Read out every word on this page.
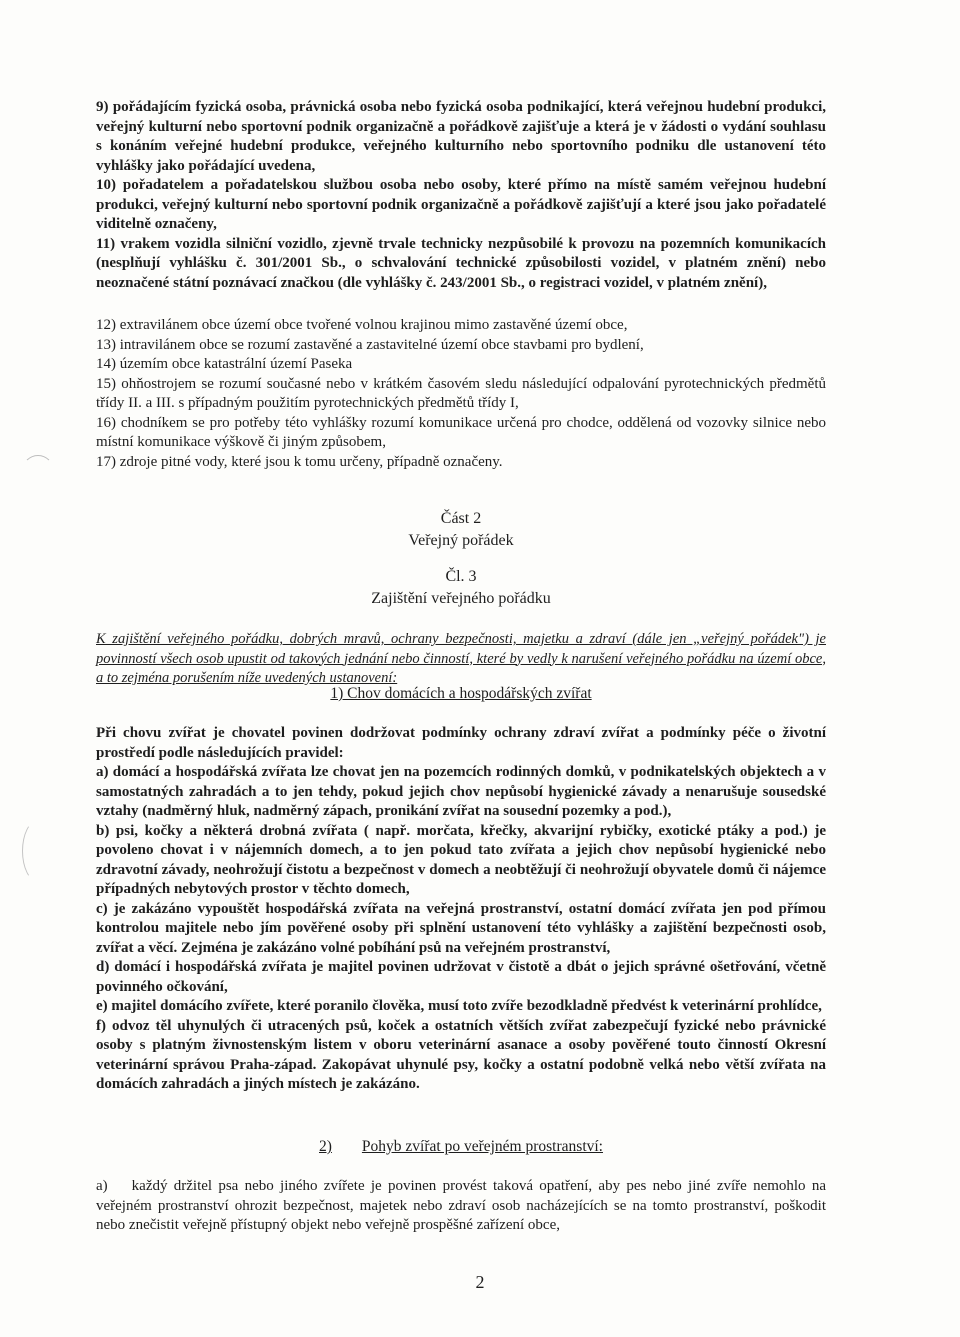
9) pořádajícím fyzická osoba, právnická osoba nebo fyzická osoba podnikající, která veřejnou hudební produkci, veřejný kulturní nebo sportovní podnik organizačně a pořádkově zajišťuje a která je v žádosti o vydání souhlasu s konáním veřejné hudební produkce, veřejného kulturního nebo sportovního podniku dle ustanovení této vyhlášky jako pořádající uvedena,

10) pořadatelem a pořadatelskou službou osoba nebo osoby, které přímo na místě samém veřejnou hudební produkci, veřejný kulturní nebo sportovní podnik organizačně a pořádkově zajišťují a které jsou jako pořadatelé viditelně označeny,

11) vrakem vozidla silniční vozidlo, zjevně trvale technicky nezpůsobilé k provozu na pozemních komunikacích (nesplňují vyhlášku č. 301/2001 Sb., o schvalování technické způsobilosti vozidel, v platném znění) nebo neoznačené státní poznávací značkou (dle vyhlášky č. 243/2001 Sb., o registraci vozidel, v platném znění),

12) extravilánem obce území obce tvořené volnou krajinou mimo zastavěné území obce,

13) intravilánem obce se rozumí zastavěné a zastavitelné území obce stavbami pro bydlení,

14) územím obce katastrální území Paseka

15) ohňostrojem se rozumí současné nebo v krátkém časovém sledu následující odpalování pyrotechnických předmětů třídy II. a III. s případným použitím pyrotechnických předmětů třídy I,

16) chodníkem se pro potřeby této vyhlášky rozumí komunikace určená pro chodce, oddělená od vozovky silnice nebo místní komunikace výškově či jiným způsobem,

17) zdroje pitné vody, které jsou k tomu určeny, případně označeny.

Část 2
Veřejný pořádek
Čl. 3
Zajištění veřejného pořádku

K zajištění veřejného pořádku, dobrých mravů, ochrany bezpečnosti, majetku a zdraví (dále jen „veřejný pořádek") je povinností všech osob upustit od takových jednání nebo činností, které by vedly k narušení veřejného pořádku na území obce, a to zejména porušením níže uvedených ustanovení:

1) Chov domácích a hospodářských zvířat

Při chovu zvířat je chovatel povinen dodržovat podmínky ochrany zdraví zvířat a podmínky péče o životní prostředí podle následujících pravidel:

a) domácí a hospodářská zvířata lze chovat jen na pozemcích rodinných domků, v podnikatelských objektech a v samostatných zahradách a to jen tehdy, pokud jejich chov nepůsobí hygienické závady a nenarušuje sousedské vztahy (nadměrný hluk, nadměrný zápach, pronikání zvířat na sousední pozemky a pod.),

b) psi, kočky a některá drobná zvířata ( např. morčata, křečky, akvarijní rybičky, exotické ptáky a pod.) je povoleno chovat i v nájemních domech, a to jen pokud tato zvířata a jejich chov nepůsobí hygienické nebo zdravotní závady, neohrožují čistotu a bezpečnost v domech a neobtěžují či neohrožují obyvatele domů či nájemce případných nebytových prostor v těchto domech,

c) je zakázáno vypouštět hospodářská zvířata na veřejná prostranství, ostatní domácí zvířata jen pod přímou kontrolou majitele nebo jím pověřené osoby při splnění ustanovení této vyhlášky a zajištění bezpečnosti osob, zvířat a věcí. Zejména je zakázáno volné pobíhání psů na veřejném prostranství,

d) domácí i hospodářská zvířata je majitel povinen udržovat v čistotě a dbát o jejich správné ošetřování, včetně povinného očkování,

e) majitel domácího zvířete, které poranilo člověka, musí toto zvíře bezodkladně předvést k veterinární prohlídce,

f) odvoz těl uhynulých či utracených psů, koček a ostatních větších zvířat zabezpečují fyzické nebo právnické osoby s platným živnostenským listem v oboru veterinární asanace a osoby pověřené touto činností Okresní veterinární správou Praha-západ. Zakopávat uhynulé psy, kočky a ostatní podobně velká nebo větší zvířata na domácích zahradách a jiných místech je zakázáno.

2) Pohyb zvířat po veřejném prostranství:

a) každý držitel psa nebo jiného zvířete je povinen provést taková opatření, aby pes nebo jiné zvíře nemohlo na veřejném prostranství ohrozit bezpečnost, majetek nebo zdraví osob nacházejících se na tomto prostranství, poškodit nebo znečistit veřejně přístupný objekt nebo veřejně prospěšné zařízení obce,

2
